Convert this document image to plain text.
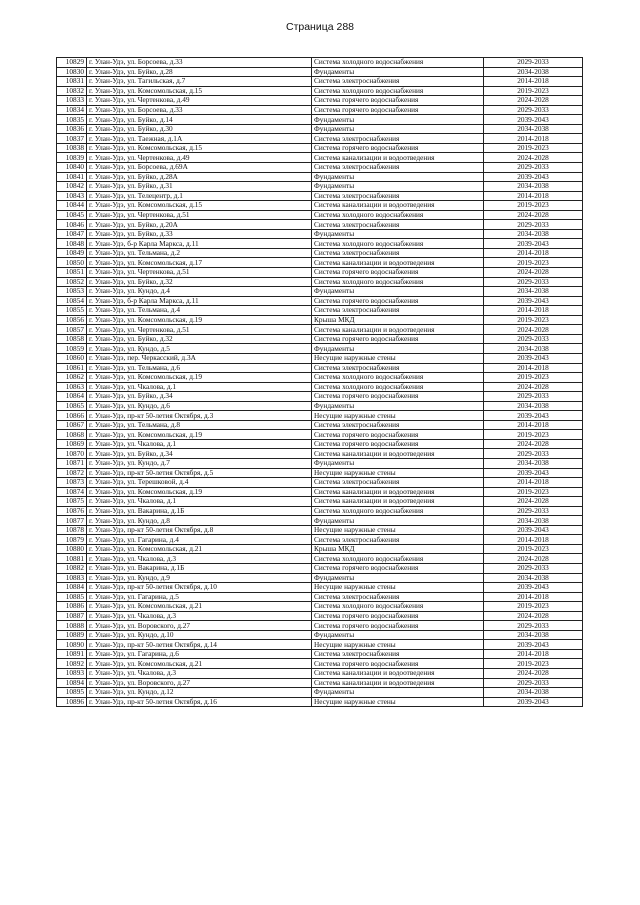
Страница 288
10829	г. Улан-Удэ, ул. Борсоева, д.33	Система холодного водоснабжения	2029-2033
10830	г. Улан-Удэ, ул. Буйко, д.28	Фундаменты	2034-2038
10831	г. Улан-Удэ, ул. Тагильская, д.7	Система электроснабжения	2014-2018
10832	г. Улан-Удэ, ул. Комсомольская, д.15	Система холодного водоснабжения	2019-2023
10833	г. Улан-Удэ, ул. Чертенкова, д.49	Система горячего водоснабжения	2024-2028
10834	г. Улан-Удэ, ул. Борсоева, д.33	Система горячего водоснабжения	2029-2033
10835	г. Улан-Удэ, ул. Буйко, д.14	Фундаменты	2039-2043
10836	г. Улан-Удэ, ул. Буйко, д.30	Фундаменты	2034-2038
10837	г. Улан-Удэ, ул. Таежная, д.1А	Система электроснабжения	2014-2018
10838	г. Улан-Удэ, ул. Комсомольская, д.15	Система горячего водоснабжения	2019-2023
10839	г. Улан-Удэ, ул. Чертенкова, д.49	Система канализации и водоотведения	2024-2028
10840	г. Улан-Удэ, ул. Борсоева, д.69А	Система электроснабжения	2029-2033
10841	г. Улан-Удэ, ул. Буйко, д.28А	Фундаменты	2039-2043
10842	г. Улан-Удэ, ул. Буйко, д.31	Фундаменты	2034-2038
10843	г. Улан-Удэ, ул. Телецентр, д.1	Система электроснабжения	2014-2018
10844	г. Улан-Удэ, ул. Комсомольская, д.15	Система канализации и водоотведения	2019-2023
10845	г. Улан-Удэ, ул. Чертенкова, д.51	Система холодного водоснабжения	2024-2028
10846	г. Улан-Удэ, ул. Буйко, д.20А	Система электроснабжения	2029-2033
10847	г. Улан-Удэ, ул. Буйко, д.33	Фундаменты	2034-2038
10848	г. Улан-Удэ, б-р Карла Маркса, д.11	Система холодного водоснабжения	2039-2043
10849	г. Улан-Удэ, ул. Тельмана, д.2	Система электроснабжения	2014-2018
10850	г. Улан-Удэ, ул. Комсомольская, д.17	Система канализации и водоотведения	2019-2023
10851	г. Улан-Удэ, ул. Чертенкова, д.51	Система горячего водоснабжения	2024-2028
10852	г. Улан-Удэ, ул. Буйко, д.32	Система холодного водоснабжения	2029-2033
10853	г. Улан-Удэ, ул. Кундо, д.4	Фундаменты	2034-2038
10854	г. Улан-Удэ, б-р Карла Маркса, д.11	Система горячего водоснабжения	2039-2043
10855	г. Улан-Удэ, ул. Тельмана, д.4	Система электроснабжения	2014-2018
10856	г. Улан-Удэ, ул. Комсомольская, д.19	Крыша МКД	2019-2023
10857	г. Улан-Удэ, ул. Чертенкова, д.51	Система канализации и водоотведения	2024-2028
10858	г. Улан-Удэ, ул. Буйко, д.32	Система горячего водоснабжения	2029-2033
10859	г. Улан-Удэ, ул. Кундо, д.5	Фундаменты	2034-2038
10860	г. Улан-Удэ, пер. Черкасский, д.3А	Несущие наружные стены	2039-2043
10861	г. Улан-Удэ, ул. Тельмана, д.6	Система электроснабжения	2014-2018
10862	г. Улан-Удэ, ул. Комсомольская, д.19	Система холодного водоснабжения	2019-2023
10863	г. Улан-Удэ, ул. Чкалова, д.1	Система холодного водоснабжения	2024-2028
10864	г. Улан-Удэ, ул. Буйко, д.34	Система горячего водоснабжения	2029-2033
10865	г. Улан-Удэ, ул. Кундо, д.6	Фундаменты	2034-2038
10866	г. Улан-Удэ, пр-кт 50-летия Октября, д.3	Несущие наружные стены	2039-2043
10867	г. Улан-Удэ, ул. Тельмана, д.8	Система электроснабжения	2014-2018
10868	г. Улан-Удэ, ул. Комсомольская, д.19	Система горячего водоснабжения	2019-2023
10869	г. Улан-Удэ, ул. Чкалова, д.1	Система горячего водоснабжения	2024-2028
10870	г. Улан-Удэ, ул. Буйко, д.34	Система канализации и водоотведения	2029-2033
10871	г. Улан-Удэ, ул. Кундо, д.7	Фундаменты	2034-2038
10872	г. Улан-Удэ, пр-кт 50-летия Октября, д.5	Несущие наружные стены	2039-2043
10873	г. Улан-Удэ, ул. Терешковой, д.4	Система электроснабжения	2014-2018
10874	г. Улан-Удэ, ул. Комсомольская, д.19	Система канализации и водоотведения	2019-2023
10875	г. Улан-Удэ, ул. Чкалова, д.1	Система канализации и водоотведения	2024-2028
10876	г. Улан-Удэ, ул. Вакарина, д.1Б	Система холодного водоснабжения	2029-2033
10877	г. Улан-Удэ, ул. Кундо, д.8	Фундаменты	2034-2038
10878	г. Улан-Удэ, пр-кт 50-летия Октября, д.8	Несущие наружные стены	2039-2043
10879	г. Улан-Удэ, ул. Гагарина, д.4	Система электроснабжения	2014-2018
10880	г. Улан-Удэ, ул. Комсомольская, д.21	Крыша МКД	2019-2023
10881	г. Улан-Удэ, ул. Чкалова, д.3	Система холодного водоснабжения	2024-2028
10882	г. Улан-Удэ, ул. Вакарина, д.1Б	Система горячего водоснабжения	2029-2033
10883	г. Улан-Удэ, ул. Кундо, д.9	Фундаменты	2034-2038
10884	г. Улан-Удэ, пр-кт 50-летия Октября, д.10	Несущие наружные стены	2039-2043
10885	г. Улан-Удэ, ул. Гагарина, д.5	Система электроснабжения	2014-2018
10886	г. Улан-Удэ, ул. Комсомольская, д.21	Система холодного водоснабжения	2019-2023
10887	г. Улан-Удэ, ул. Чкалова, д.3	Система горячего водоснабжения	2024-2028
10888	г. Улан-Удэ, ул. Воровского, д.27	Система горячего водоснабжения	2029-2033
10889	г. Улан-Удэ, ул. Кундо, д.10	Фундаменты	2034-2038
10890	г. Улан-Удэ, пр-кт 50-летия Октября, д.14	Несущие наружные стены	2039-2043
10891	г. Улан-Удэ, ул. Гагарина, д.6	Система электроснабжения	2014-2018
10892	г. Улан-Удэ, ул. Комсомольская, д.21	Система горячего водоснабжения	2019-2023
10893	г. Улан-Удэ, ул. Чкалова, д.3	Система канализации и водоотведения	2024-2028
10894	г. Улан-Удэ, ул. Воровского, д.27	Система канализации и водоотведения	2029-2033
10895	г. Улан-Удэ, ул. Кундо, д.12	Фундаменты	2034-2038
10896	г. Улан-Удэ, пр-кт 50-летия Октября, д.16	Несущие наружные стены	2039-2043
